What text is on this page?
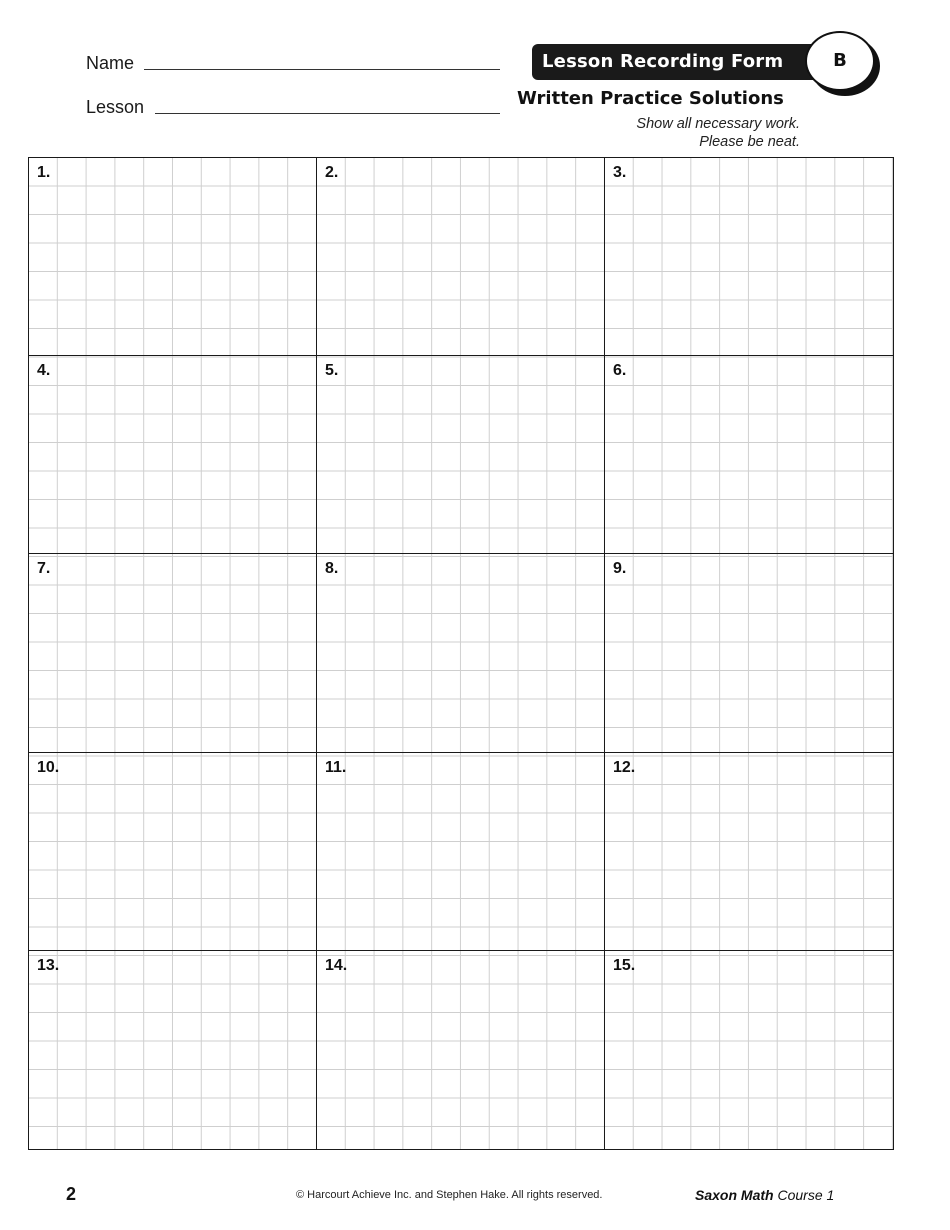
Name
Lesson
Lesson Recording Form	B
Written Practice Solutions
Show all necessary work.
Please be neat.
1.	2.	3.
4.	5.	6.
7.	8.	9.
10.	11.	12.
13.	14.	15.
2	© Harcourt Achieve Inc. and Stephen Hake. All rights reserved.	Saxon Math Course 1
